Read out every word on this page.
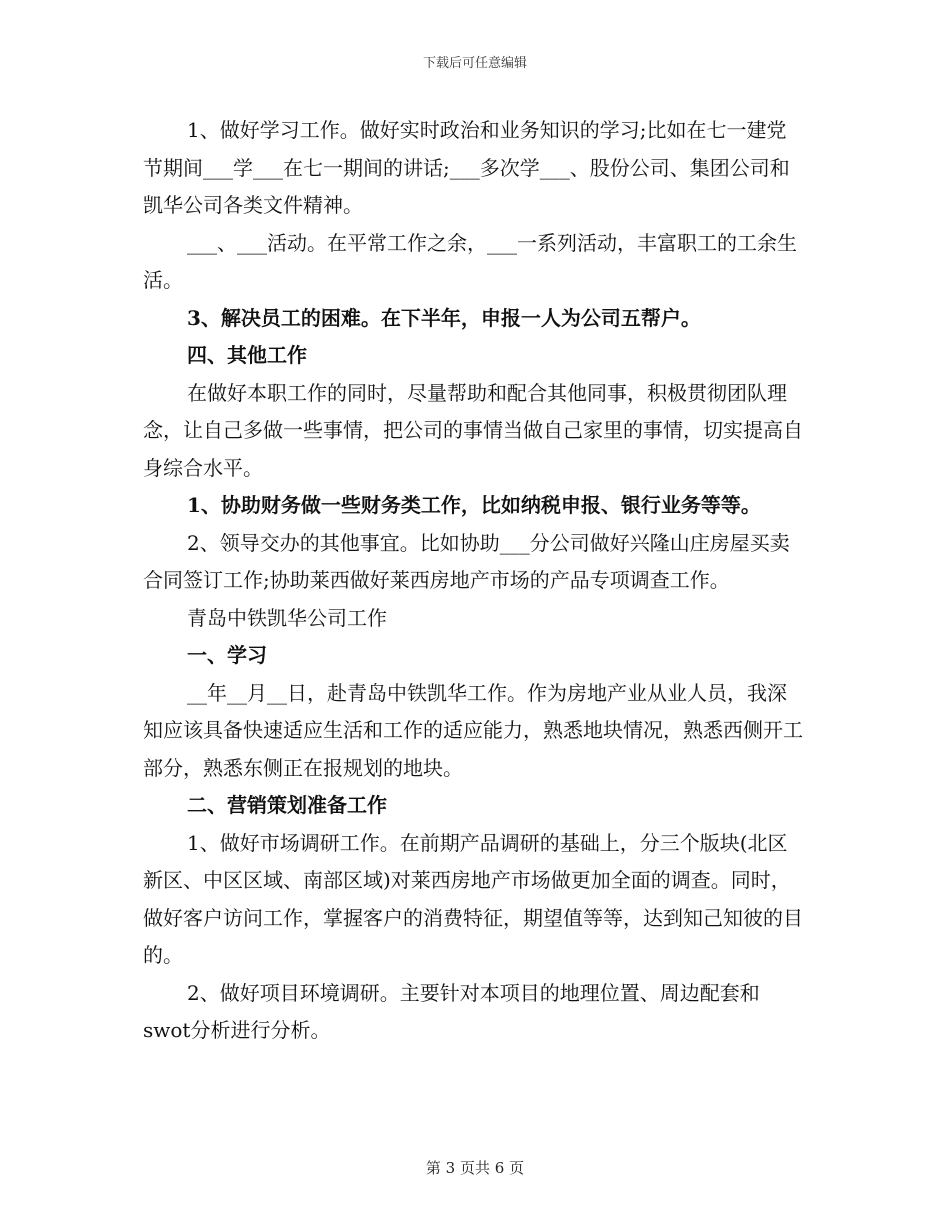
下载后可任意编辑

1、做好学习工作。做好实时政治和业务知识的学习;比如在七一建党节期间___学___在七一期间的讲话;___多次学___、股份公司、集团公司和凯华公司各类文件精神。

___、___活动。在平常工作之余，___一系列活动，丰富职工的工余生活。

3、解决员工的困难。在下半年，申报一人为公司五帮户。

四、其他工作

在做好本职工作的同时，尽量帮助和配合其他同事，积极贯彻团队理念，让自己多做一些事情，把公司的事情当做自己家里的事情，切实提高自身综合水平。

1、协助财务做一些财务类工作，比如纳税申报、银行业务等等。

2、领导交办的其他事宜。比如协助___分公司做好兴隆山庄房屋买卖合同签订工作;协助莱西做好莱西房地产市场的产品专项调查工作。

青岛中铁凯华公司工作

一、学习

__年__月__日，赴青岛中铁凯华工作。作为房地产业从业人员，我深知应该具备快速适应生活和工作的适应能力，熟悉地块情况，熟悉西侧开工部分，熟悉东侧正在报规划的地块。

二、营销策划准备工作

1、做好市场调研工作。在前期产品调研的基础上，分三个版块(北区新区、中区区域、南部区域)对莱西房地产市场做更加全面的调查。同时，做好客户访问工作，掌握客户的消费特征，期望值等等，达到知己知彼的目的。

2、做好项目环境调研。主要针对本项目的地理位置、周边配套和swot分析进行分析。

第 3 页共 6 页
